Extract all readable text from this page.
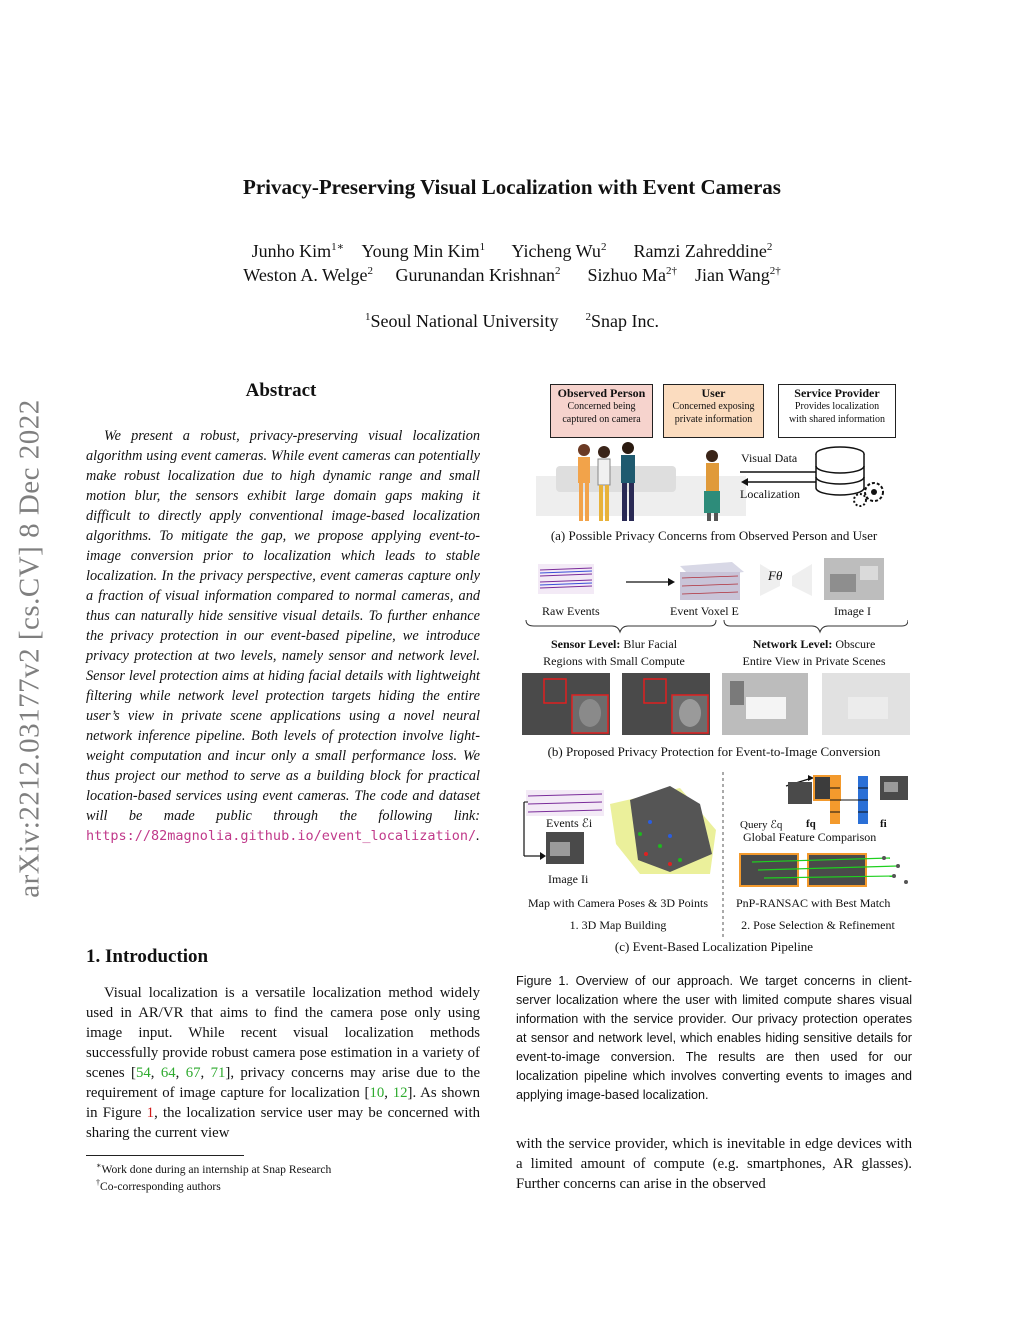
Privacy-Preserving Visual Localization with Event Cameras
Junho Kim$^{1∗}$ Young Min Kim$^1$ Yicheng Wu$^2$ Ramzi Zahreddine$^2$
Weston A. Welge$^2$ Gurunandan Krishnan$^2$ Sizhuo $Ma^{2\dagger}$ Jian Wang$^{2\dagger}$
$^1$Seoul National University $^2$Snap Inc.
arXiv:2212.03177v2 [cs.CV] 8 Dec 2022
Abstract
We present a robust, privacy-preserving visual localization algorithm using event cameras. While event cameras can potentially make robust localization due to high dynamic range and small motion blur, the sensors exhibit large domain gaps making it difficult to directly apply conventional image-based localization algorithms. To mitigate the gap, we propose applying event-to-image conversion prior to localization which leads to stable localization. In the privacy perspective, event cameras capture only a fraction of visual information compared to normal cameras, and thus can naturally hide sensitive visual details. To further enhance the privacy protection in our event-based pipeline, we introduce privacy protection at two levels, namely sensor and network level. Sensor level protection aims at hiding facial details with lightweight filtering while network level protection targets hiding the entire user’s view in private scene applications using a novel neural network inference pipeline. Both levels of protection involve light-weight computation and incur only a small performance loss. We thus project our method to serve as a building block for practical location-based services using event cameras. The code and dataset will be made public through the following link: https://82magnolia.github.io/event_localization/.
1. Introduction
Visual localization is a versatile localization method widely used in AR/VR that aims to find the camera pose only using image input. While recent visual localization methods successfully provide robust camera pose estimation in a variety of scenes [54, 64, 67, 71], privacy concerns may arise due to the requirement of image capture for localization [10, 12]. As shown in Figure 1, the localization service user may be concerned with sharing the current view
∗Work done during an internship at Snap Research
†Co-corresponding authors
Observed Person
Concerned being
captured on camera
User
Concerned exposing
private information
Service Provider
Provides localization
with shared information
Visual Data
Localization
(a) Possible Privacy Concerns from Observed Person and User
Fθ
Raw Events	Event Voxel E	Image I
Sensor Level: Blur Facial
Regions with Small Compute
Network Level: Obscure
Entire View in Private Scenes
(b) Proposed Privacy Protection for Event-to-Image Conversion
Events ℰi
Image Ii
Query ℰq fq	fi
Global Feature Comparison
PnP-RANSAC with Best Match
Map with Camera Poses & 3D Points
1. 3D Map Building	2. Pose Selection & Refinement
(c) Event-Based Localization Pipeline
Figure 1. Overview of our approach. We target concerns in client-server localization where the user with limited compute shares visual information with the service provider. Our privacy protection operates at sensor and network level, which enables hiding sensitive details for event-to-image conversion. The results are then used for our localization pipeline which involves converting events to images and applying image-based localization.
with the service provider, which is inevitable in edge devices with a limited amount of compute (e.g. smartphones, AR glasses). Further concerns can arise in the observed
